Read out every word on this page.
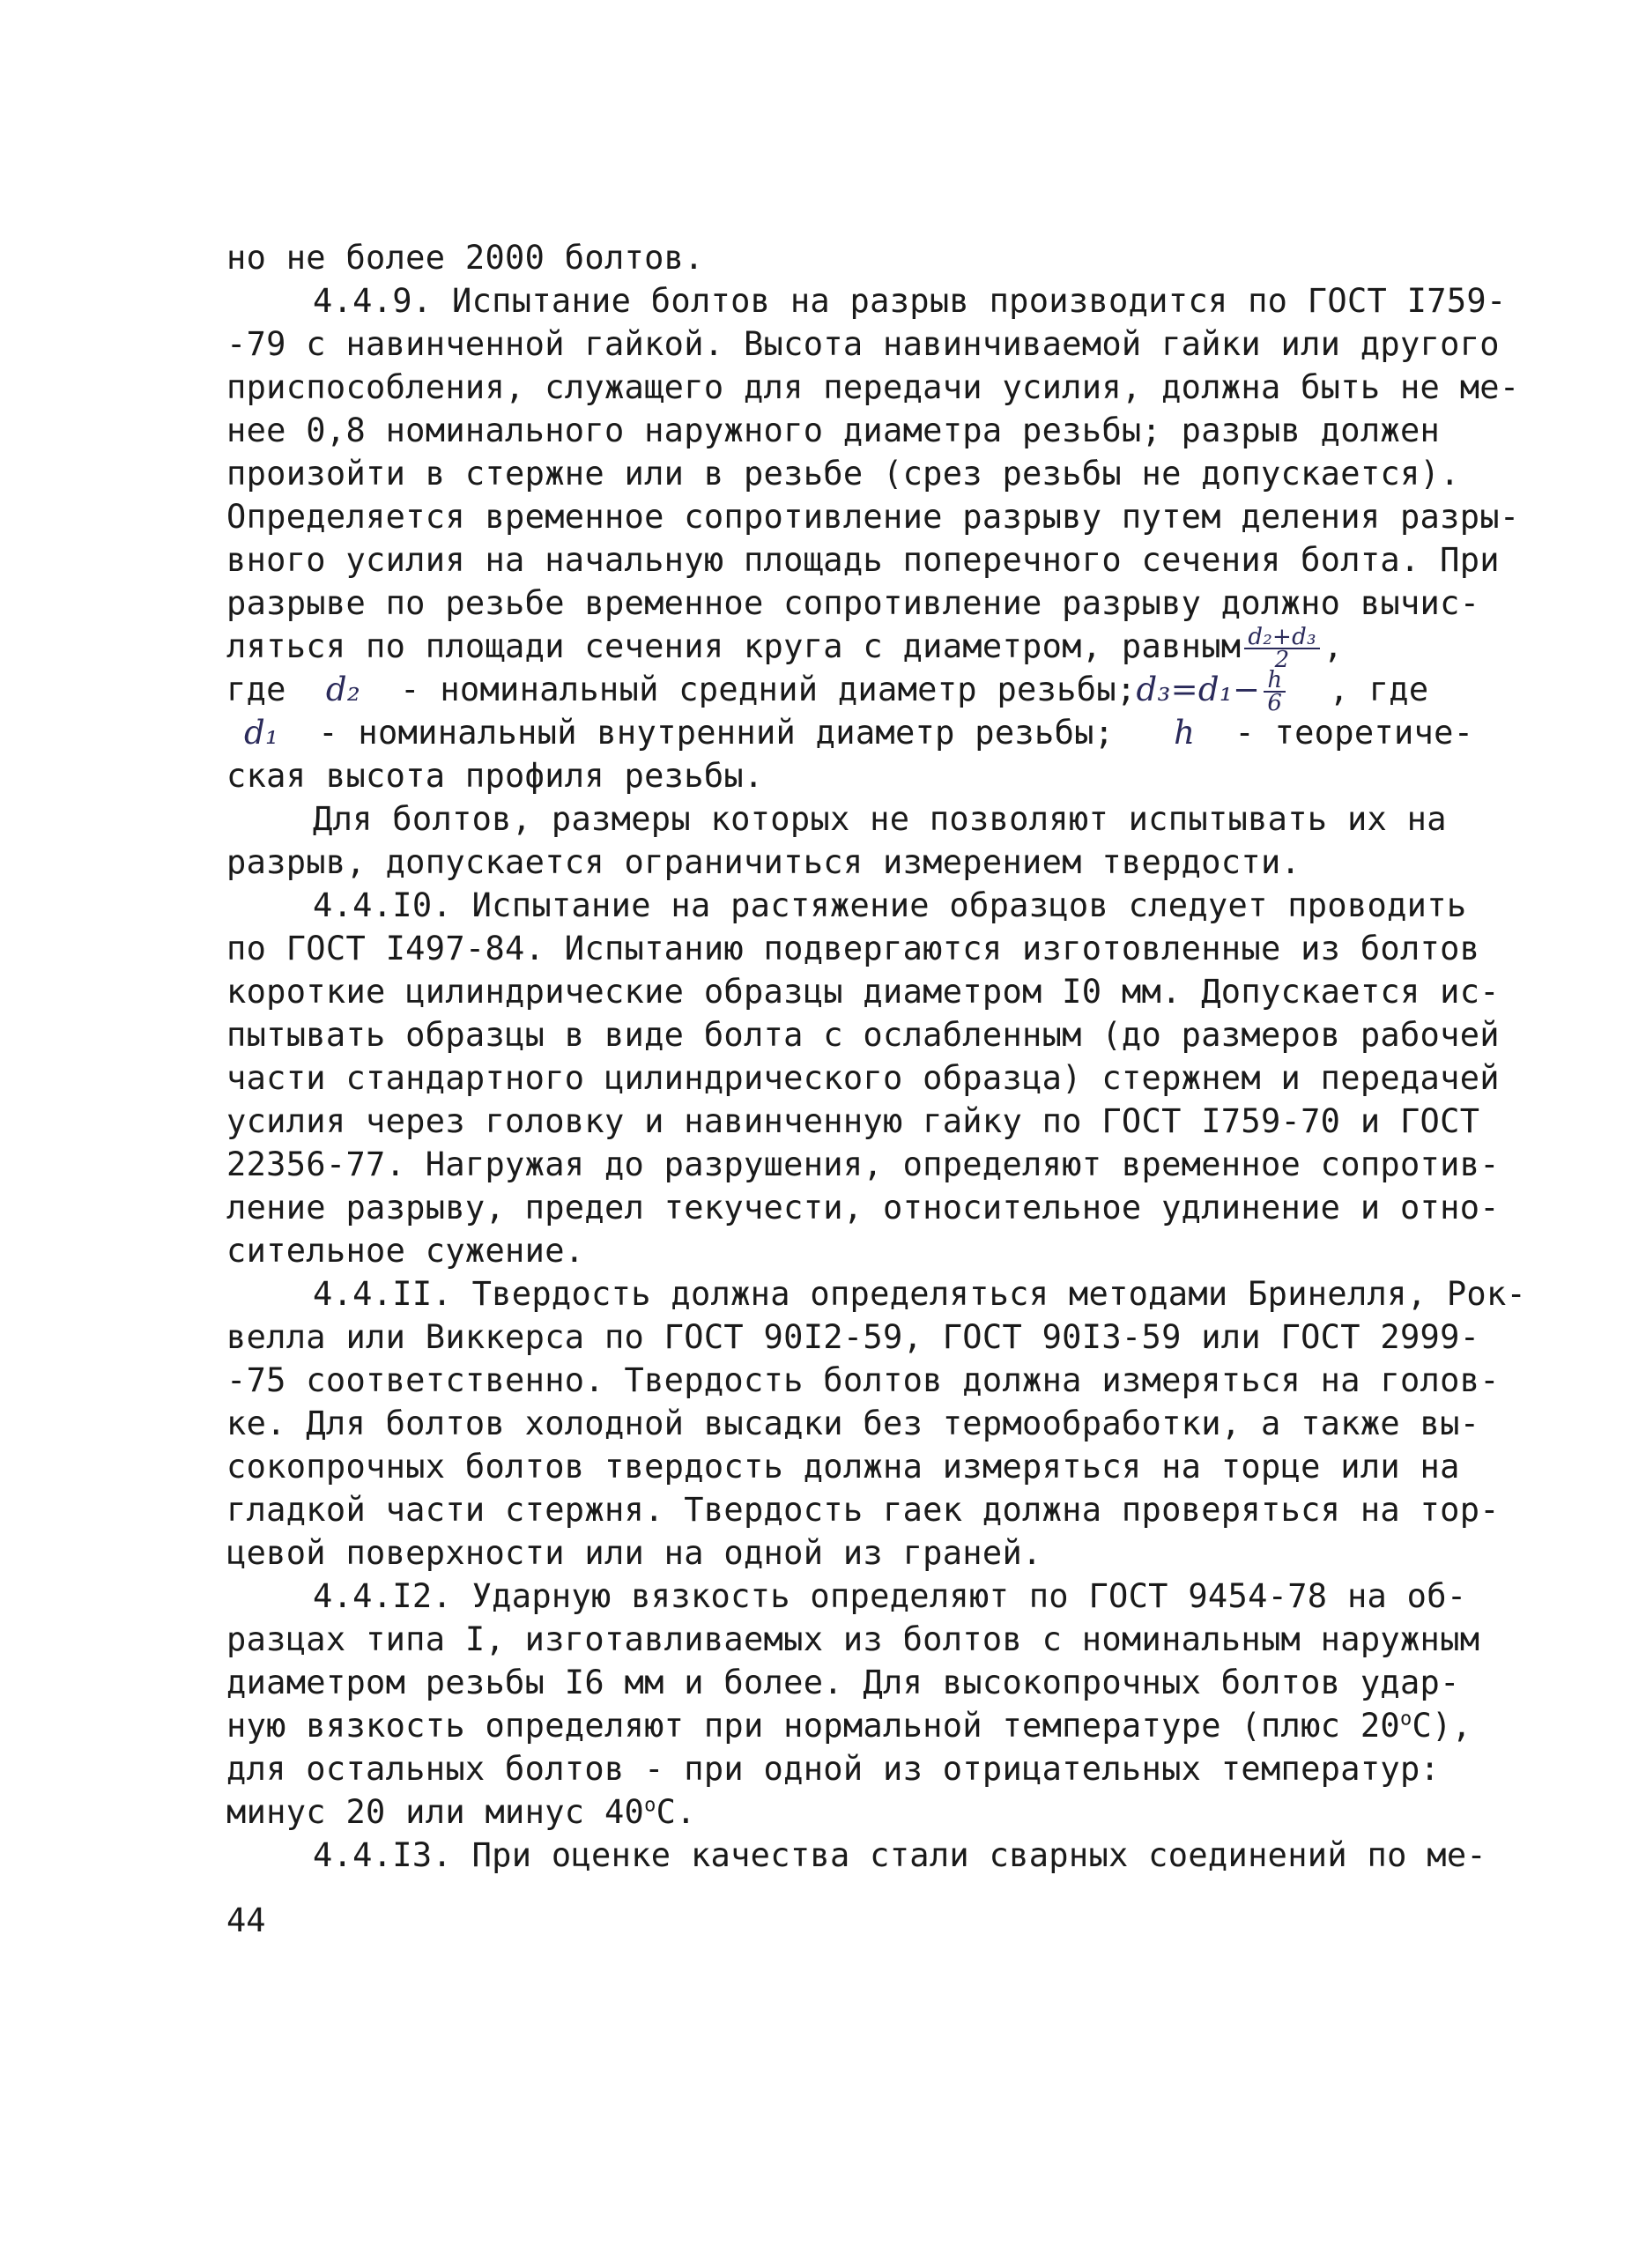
но не более 2000 болтов.
4.4.9. Испытание болтов на разрыв производится по ГОСТ I759-
-79 с навинченной гайкой. Высота навинчиваемой гайки или другого
приспособления, служащего для передачи усилия, должна быть не ме-
нее 0,8 номинального наружного диаметра резьбы; разрыв должен
произойти в стержне или в резьбе (срез резьбы не допускается).
Определяется временное сопротивление разрыву путем деления разры-
вного усилия на начальную площадь поперечного сечения болта. При
разрыве по резьбе временное сопротивление разрыву должно вычис-
ляться по площади сечения круга с диаметром, равным $\frac{\text{d₂+d₃}}{2}$ ,
где d₂ - номинальный средний диаметр резьбы;d₃=d₁− $\frac{h}{6}$ , где
d₁ - номинальный внутренний диаметр резьбы; h - теоретиче-
ская высота профиля резьбы.
Для болтов, размеры которых не позволяют испытывать их на
разрыв, допускается ограничиться измерением твердости.
4.4.I0. Испытание на растяжение образцов следует проводить
по ГОСТ I497-84. Испытанию подвергаются изготовленные из болтов
короткие цилиндрические образцы диаметром I0 мм. Допускается ис-
пытывать образцы в виде болта с ослабленным (до размеров рабочей
части стандартного цилиндрического образца) стержнем и передачей
усилия через головку и навинченную гайку по ГОСТ I759-70 и ГОСТ
22356-77. Нагружая до разрушения, определяют временное сопротив-
ление разрыву, предел текучести, относительное удлинение и отно-
сительное сужение.
4.4.II. Твердость должна определяться методами Бринелля, Рок-
велла или Виккерса по ГОСТ 90I2-59, ГОСТ 90I3-59 или ГОСТ 2999-
-75 соответственно. Твердость болтов должна измеряться на голов-
ке. Для болтов холодной высадки без термообработки, а также вы-
сокопрочных болтов твердость должна измеряться на торце или на
гладкой части стержня. Твердость гаек должна проверяться на тор-
цевой поверхности или на одной из граней.
4.4.I2. Ударную вязкость определяют по ГОСТ 9454-78 на об-
разцах типа I, изготавливаемых из болтов с номинальным наружным
диаметром резьбы I6 мм и более. Для высокопрочных болтов удар-
ную вязкость определяют при нормальной температуре (плюс 20$^o$С),
для остальных болтов - при одной из отрицательных температур:
минус 20 или минус 40$^o$С.
4.4.I3. При оценке качества стали сварных соединений по ме-
44
